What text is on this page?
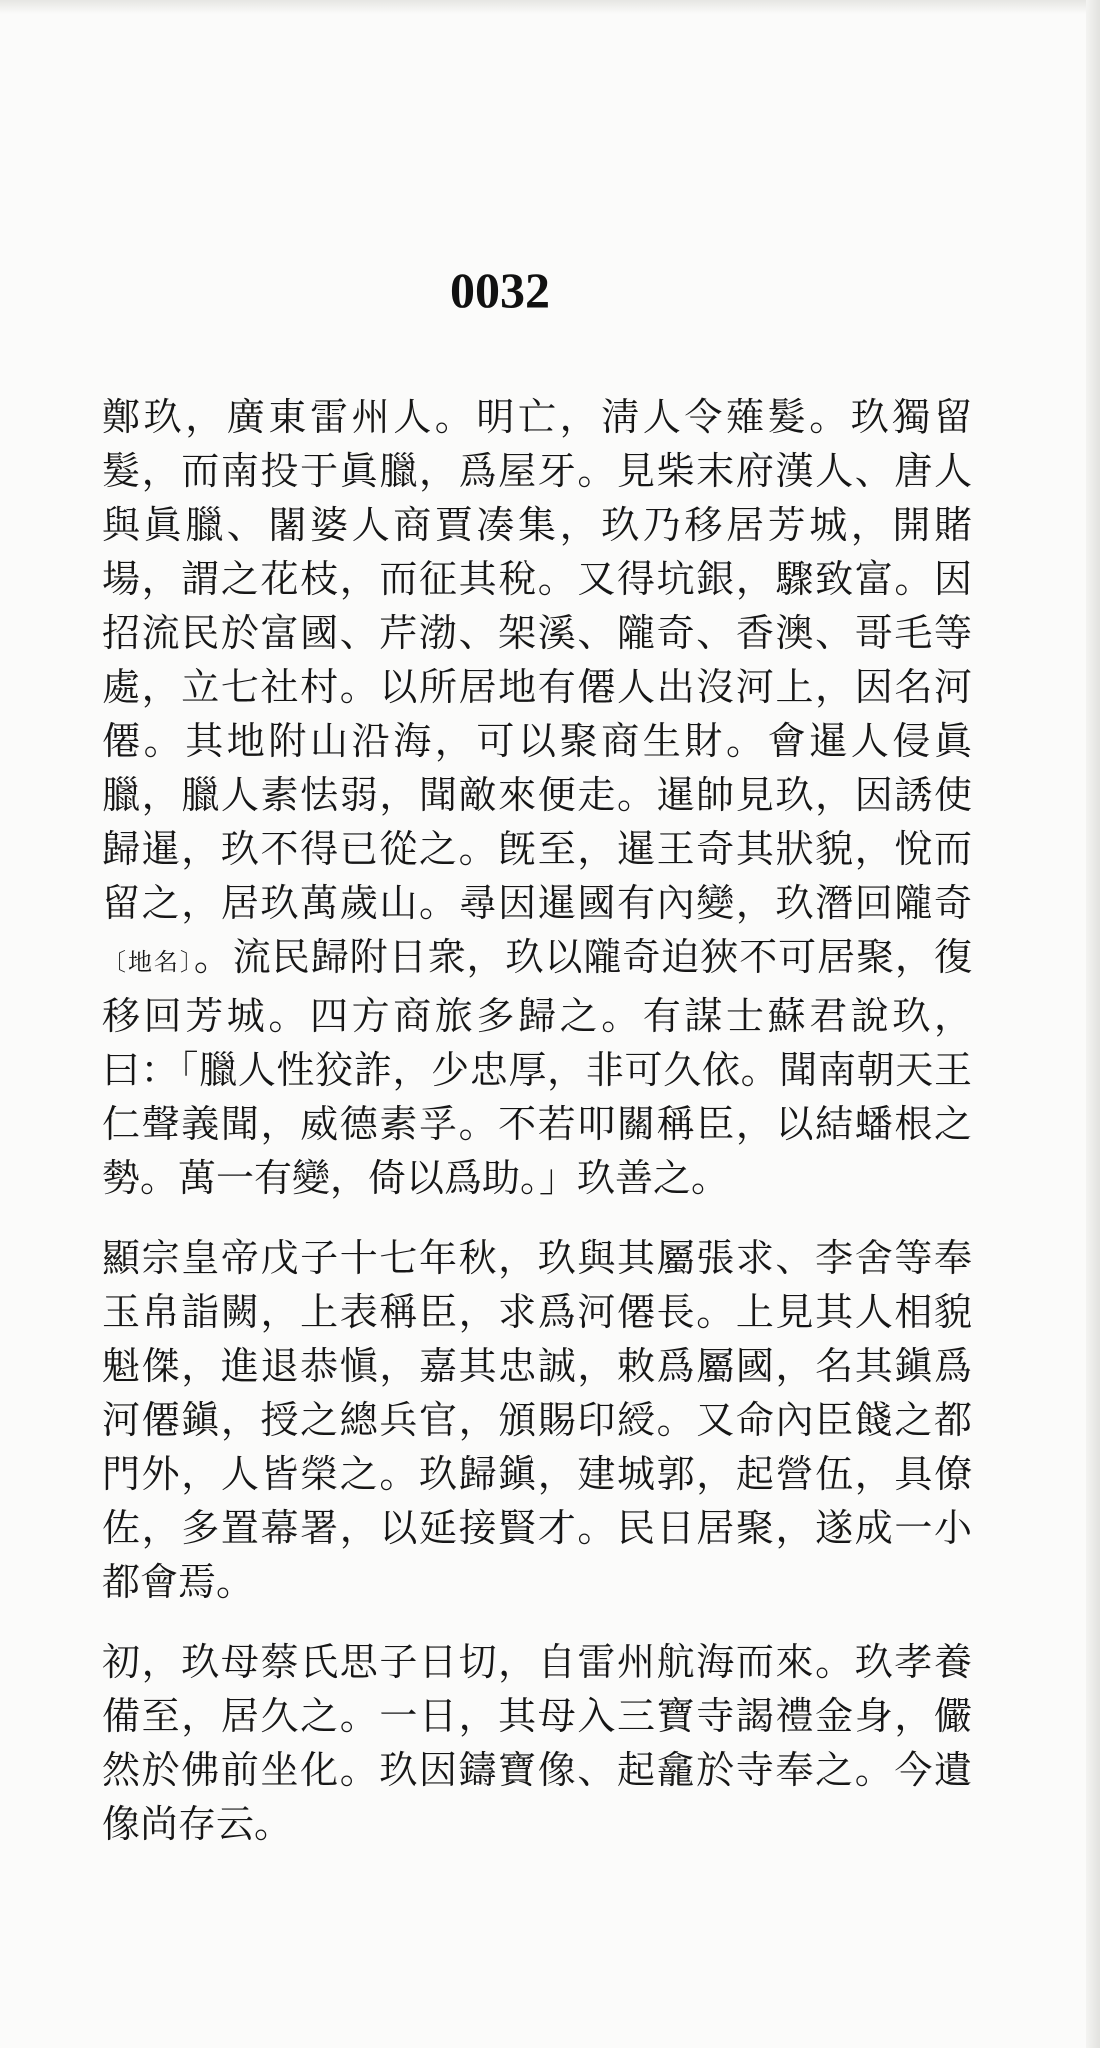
0032

鄭玖，廣東雷州人。明亡，淸人令薙髮。玖獨留髮，而南投于眞臘，爲屋牙。見柴末府漢人、唐人與眞臘、闍婆人商賈凑集，玖乃移居芳城，開賭場，謂之花枝，而征其稅。又得坑銀，驟致富。因招流民於富國、芹渤、架溪、隴奇、香澳、哥毛等處，立七社村。以所居地有僊人出沒河上，因名河僊。其地附山沿海，可以聚商生財。會暹人侵眞臘，臘人素怯弱，聞敵來便走。暹帥見玖，因誘使歸暹，玖不得已從之。旣至，暹王奇其狀貌，悅而留之，居玖萬歲山。尋因暹國有內變，玖潛回隴奇〔地名〕。流民歸附日衆，玖以隴奇迫狹不可居聚，復移回芳城。四方商旅多歸之。有謀士蘇君說玖，曰：「臘人性狡詐，少忠厚，非可久依。聞南朝天王仁聲義聞，威德素孚。不若叩關稱臣，以結蟠根之勢。萬一有變，倚以爲助。」玖善之。

顯宗皇帝戊子十七年秋，玖與其屬張求、李舍等奉玉帛詣闕，上表稱臣，求爲河僊長。上見其人相貌魁傑，進退恭愼，嘉其忠誠，敕爲屬國，名其鎭爲河僊鎭，授之總兵官，頒賜印綬。又命內臣餞之都門外，人皆榮之。玖歸鎭，建城郭，起營伍，具僚佐，多置幕署，以延接賢才。民日居聚，遂成一小都會焉。

初，玖母蔡氏思子日切，自雷州航海而來。玖孝養備至，居久之。一日，其母入三寶寺謁禮金身，儼然於佛前坐化。玖因鑄寶像、起龕於寺奉之。今遺像尚存云。
